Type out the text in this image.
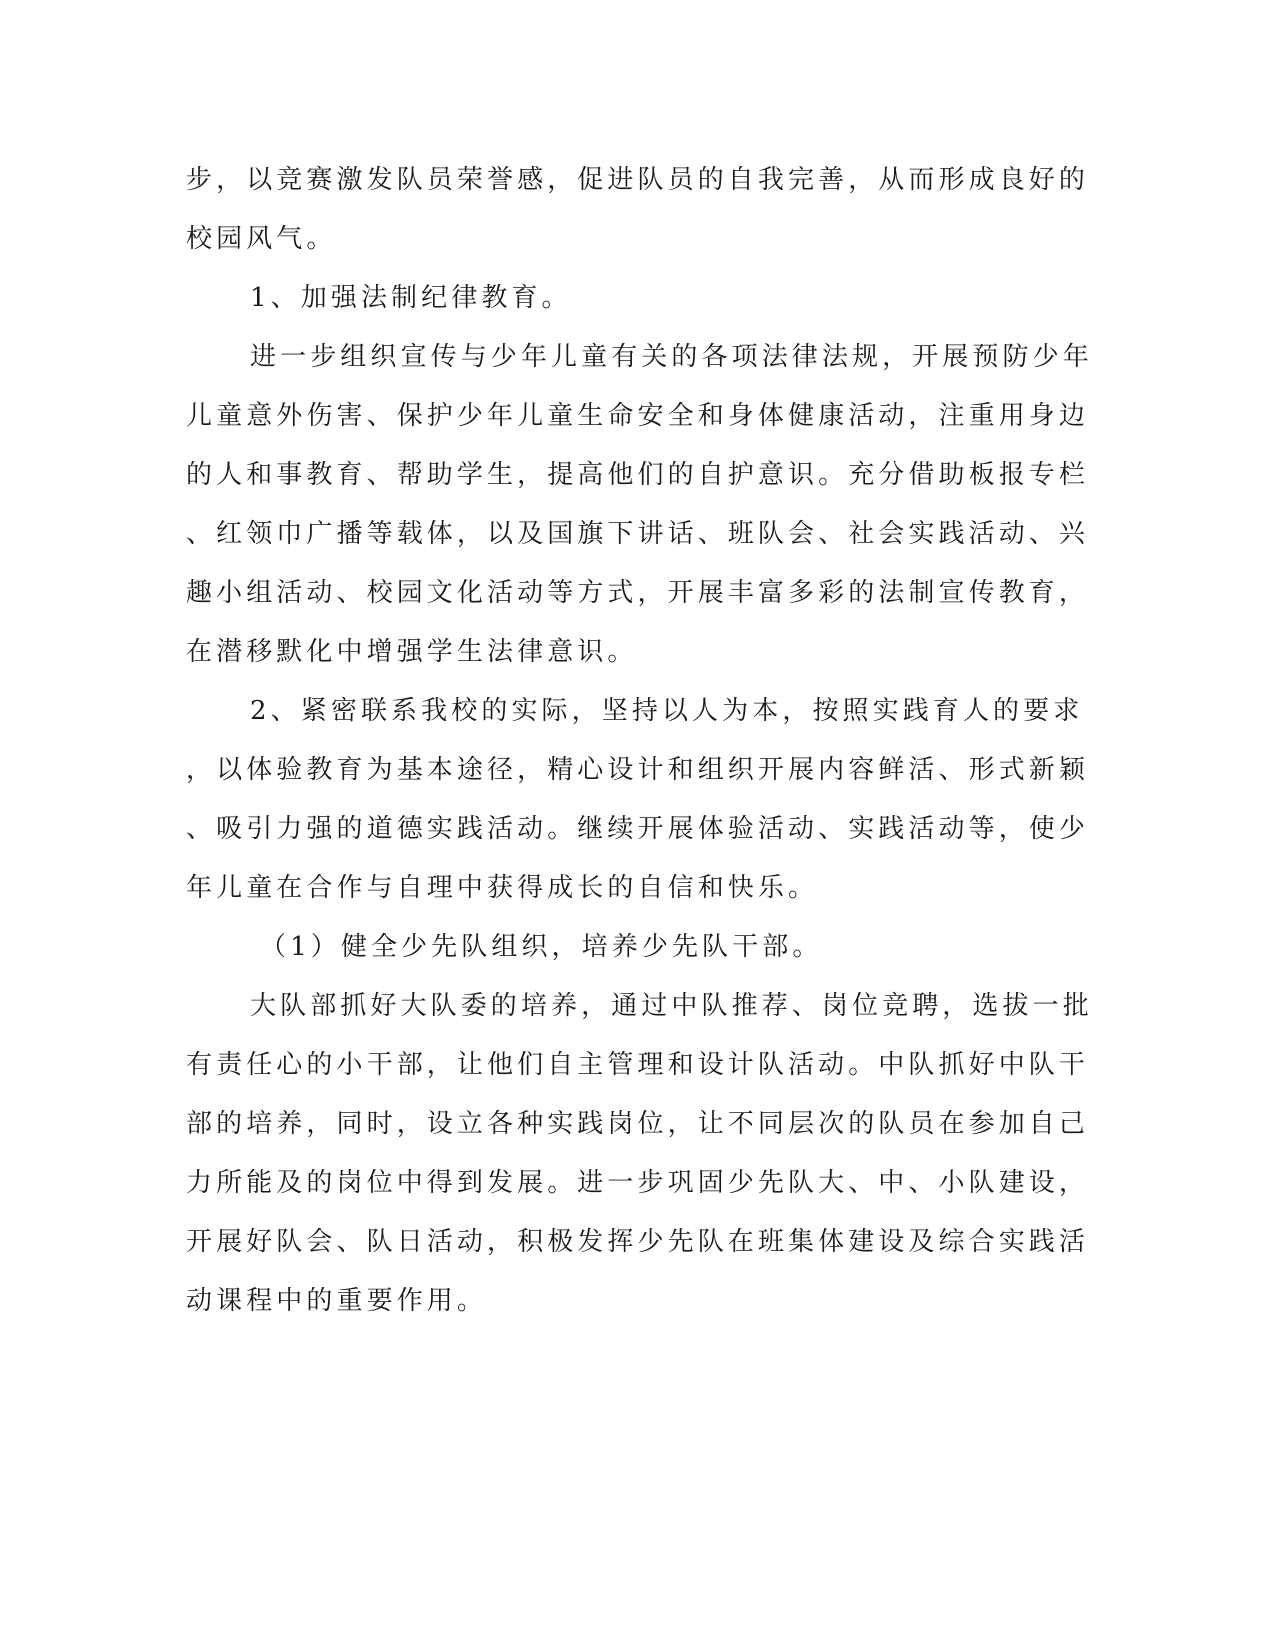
步，以竞赛激发队员荣誉感，促进队员的自我完善，从而形成良好的
校园风气。
1、加强法制纪律教育。
进一步组织宣传与少年儿童有关的各项法律法规，开展预防少年
儿童意外伤害、保护少年儿童生命安全和身体健康活动，注重用身边
的人和事教育、帮助学生，提高他们的自护意识。充分借助板报专栏
、红领巾广播等载体，以及国旗下讲话、班队会、社会实践活动、兴
趣小组活动、校园文化活动等方式，开展丰富多彩的法制宣传教育，
在潜移默化中增强学生法律意识。
2、紧密联系我校的实际，坚持以人为本，按照实践育人的要求
，以体验教育为基本途径，精心设计和组织开展内容鲜活、形式新颖
、吸引力强的道德实践活动。继续开展体验活动、实践活动等，使少
年儿童在合作与自理中获得成长的自信和快乐。
（1）健全少先队组织，培养少先队干部。
大队部抓好大队委的培养，通过中队推荐、岗位竞聘，选拔一批
有责任心的小干部，让他们自主管理和设计队活动。中队抓好中队干
部的培养，同时，设立各种实践岗位，让不同层次的队员在参加自己
力所能及的岗位中得到发展。进一步巩固少先队大、中、小队建设，
开展好队会、队日活动，积极发挥少先队在班集体建设及综合实践活
动课程中的重要作用。
